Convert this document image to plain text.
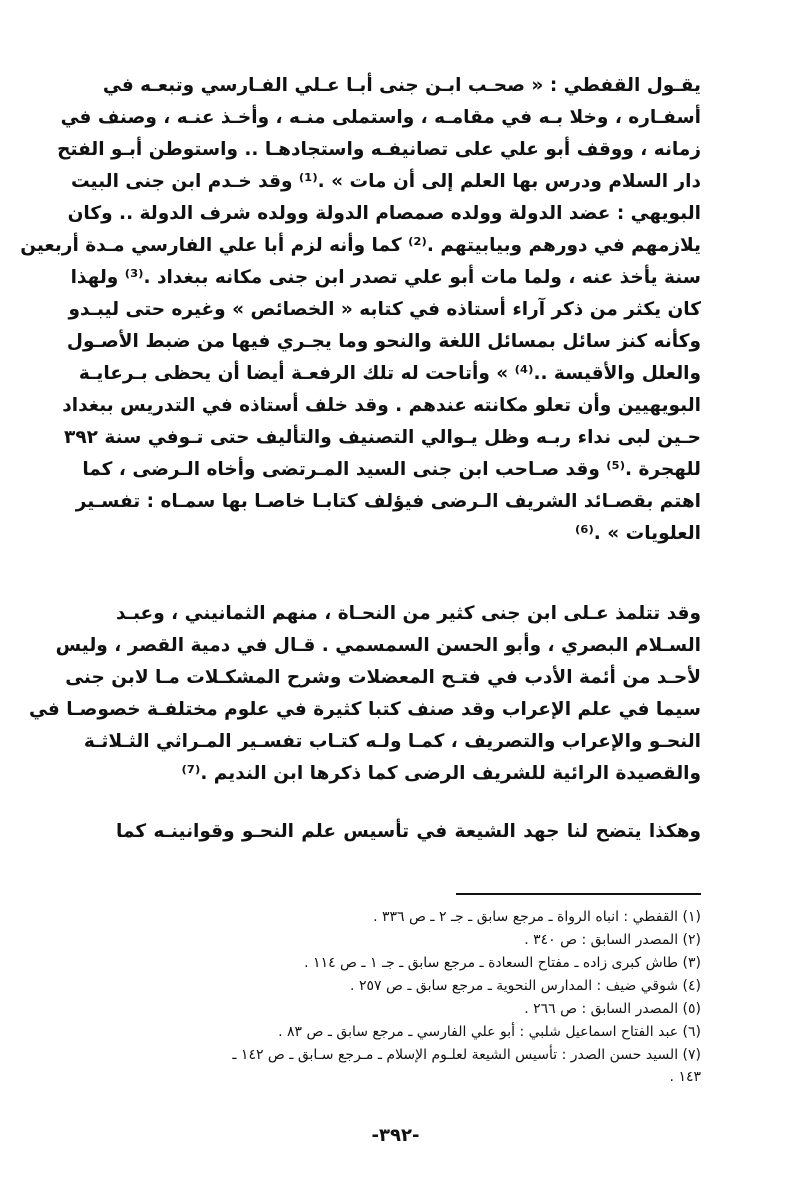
يقـول القفطي : « صحـب ابـن جنى أبـا عـلي الفـارسي وتبعـه في
أسفـاره ، وخلا بـه في مقامـه ، واستملى منـه ، وأخـذ عنـه ، وصنف في
زمانه ، ووقف أبو علي على تصانيفـه واستجادهـا .. واستوطن أبـو الفتح
دار السلام ودرس بها العلم إلى أن مات » .⁽¹⁾ وقد خـدم ابن جنى البيت
البويهي : عضد الدولة وولده صمصام الدولة وولده شرف الدولة .. وكان
يلازمهم في دورهم وبيابيتهم .⁽²⁾ كما وأنه لزم أبا علي الفارسي مـدة أربعين
سنة يأخذ عنه ، ولما مات أبو علي تصدر ابن جنى مكانه ببغداد .⁽³⁾ ولهذا
كان يكثر من ذكر آراء أستاذه في كتابه « الخصائص » وغيره حتى ليبـدو
وكأنه كنز سائل بمسائل اللغة والنحو وما يجـري فيها من ضبط الأصـول
والعلل والأقيسة ..⁽⁴⁾ » وأتاحت له تلك الرفعـة أيضا أن يحظى بـرعايـة
البويهيين وأن تعلو مكانته عندهم . وقد خلف أستاذه في التدريس ببغداد
حـين لبى نداء ربـه وظل يـوالي التصنيف والتأليف حتى تـوفي سنة ٣٩٢
للهجرة .⁽⁵⁾ وقد صـاحب ابن جنى السيد المـرتضى وأخاه الـرضى ، كما
اهتم بقصـائد الشريف الـرضى فيؤلف كتابـا خاصـا بها سمـاه : تفسـير
العلويات » .⁽⁶⁾
وقد تتلمذ عـلى ابن جنى كثير من النحـاة ، منهم الثمانيني ، وعبـد
السـلام البصري ، وأبو الحسن السمسمي . قـال في دمية القصر ، وليس
لأحـد من أئمة الأدب في فتـح المعضلات وشرح المشكـلات مـا لابن جنى
سيما في علم الإعراب وقد صنف كتبا كثيرة في علوم مختلفـة خصوصـا في
النحـو والإعراب والتصريف ، كمـا ولـه كتـاب تفسـير المـراثي الثـلاثـة
والقصيدة الرائية للشريف الرضى كما ذكرها ابن النديم .⁽⁷⁾
وهكذا يتضح لنا جهد الشيعة في تأسيس علم النحـو وقوانينـه كما
(١) القفطي : انباه الرواة ـ مرجع سابق ـ جـ ٢ ـ ص ٣٣٦ .
(٢) المصدر السابق : ص ٣٤٠ .
(٣) طاش كبرى زاده ـ مفتاح السعادة ـ مرجع سابق ـ جـ ١ ـ ص ١١٤ .
(٤) شوقي ضيف : المدارس النحوية ـ مرجع سابق ـ ص ٢٥٧ .
(٥) المصدر السابق : ص ٢٦٦ .
(٦) عبد الفتاح اسماعيل شلبي : أبو علي الفارسي ـ مرجع سابق ـ ص ٨٣ .
(٧) السيد حسن الصدر : تأسيس الشيعة لعلـوم الإسلام ـ مـرجع سـابق ـ ص ١٤٢ ـ
١٤٣ .
-٣٩٢-
